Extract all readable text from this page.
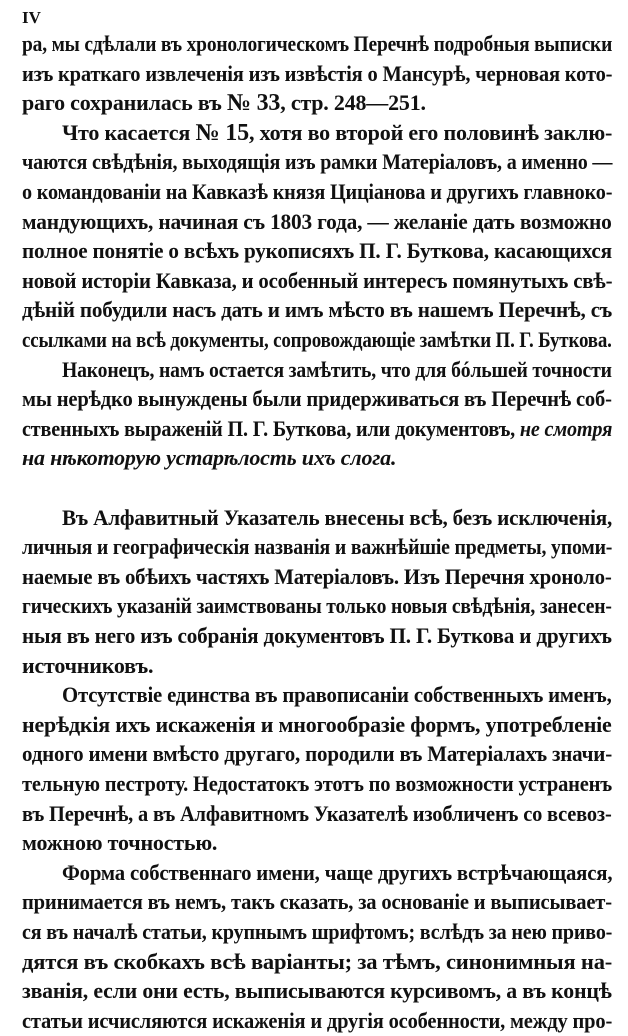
IV
ра, мы сдѣлали въ хронологическомъ Перечнѣ подробныя выписки
изъ краткаго извлеченія изъ извѣстія о Мансурѣ, черновая кото-
раго сохранилась въ № 33, стр. 248—251.
Что касается № 15, хотя во второй его половинѣ заклю-
чаются свѣдѣнія, выходящія изъ рамки Матеріаловъ, а именно —
о командованіи на Кавказѣ князя Циціанова и другихъ главноко-
мандующихъ, начиная съ 1803 года, — желаніе дать возможно
полное понятіе о всѣхъ рукописяхъ П. Г. Буткова, касающихся
новой исторіи Кавказа, и особенный интересъ помянутыхъ свѣ-
дѣній побудили насъ дать и имъ мѣсто въ нашемъ Перечнѣ, съ
ссылками на всѣ документы, сопровождающіе замѣтки П. Г. Буткова.
Наконецъ, намъ остается замѣтить, что для бóльшей точности
мы нерѣдко вынуждены были придерживаться въ Перечнѣ соб-
ственныхъ выраженій П. Г. Буткова, или документовъ, не смотря
на нѣкоторую устарѣлость ихъ слога.
Въ Алфавитный Указатель внесены всѣ, безъ исключенія,
личныя и географическія названія и важнѣйшіе предметы, упоми-
наемые въ обѣихъ частяхъ Матеріаловъ. Изъ Перечня хроноло-
гическихъ указаній заимствованы только новыя свѣдѣнія, занесен-
ныя въ него изъ собранія документовъ П. Г. Буткова и другихъ
источниковъ.
Отсутствіе единства въ правописаніи собственныхъ именъ,
нерѣдкія ихъ искаженія и многообразіе формъ, употребленіе
одного имени вмѣсто другаго, породили въ Матеріалахъ значи-
тельную пестроту. Недостатокъ этотъ по возможности устраненъ
въ Перечнѣ, а въ Алфавитномъ Указателѣ изобличенъ со всевоз-
можною точностью.
Форма собственнаго имени, чаще другихъ встрѣчающаяся,
принимается въ немъ, такъ сказать, за основаніе и выписывает-
ся въ началѣ статьи, крупнымъ шрифтомъ; вслѣдъ за нею приво-
дятся въ скобкахъ всѣ варіанты; за тѣмъ, синонимныя на-
званія, если они есть, выписываются курсивомъ, а въ концѣ
статьи исчисляются искаженія и другія особенности, между про-
